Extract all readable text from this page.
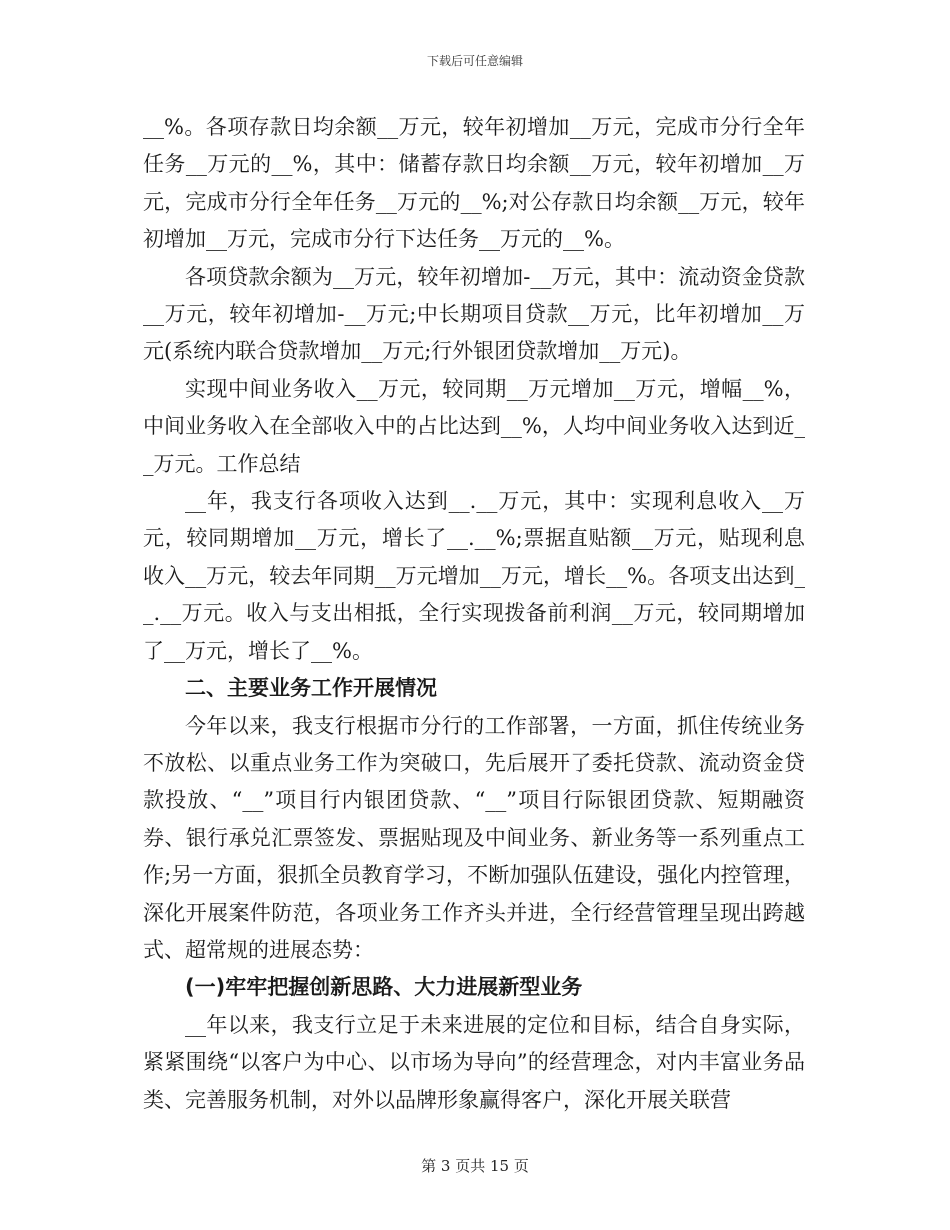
下载后可任意编辑

__%。各项存款日均余额__万元，较年初增加__万元，完成市分行全年任务__万元的__%，其中：储蓄存款日均余额__万元，较年初增加__万元，完成市分行全年任务__万元的__%;对公存款日均余额__万元，较年初增加__万元，完成市分行下达任务__万元的__%。

各项贷款余额为__万元，较年初增加-__万元，其中：流动资金贷款__万元，较年初增加-__万元;中长期项目贷款__万元，比年初增加__万元(系统内联合贷款增加__万元;行外银团贷款增加__万元)。

实现中间业务收入__万元，较同期__万元增加__万元，增幅__%，中间业务收入在全部收入中的占比达到__%，人均中间业务收入达到近__万元。工作总结

__年，我支行各项收入达到__.__万元，其中：实现利息收入__万元，较同期增加__万元，增长了__.__%;票据直贴额__万元，贴现利息收入__万元，较去年同期__万元增加__万元，增长__%。各项支出达到__.__万元。收入与支出相抵，全行实现拨备前利润__万元，较同期增加了__万元，增长了__%。

二、主要业务工作开展情况

今年以来，我支行根据市分行的工作部署，一方面，抓住传统业务不放松、以重点业务工作为突破口，先后展开了委托贷款、流动资金贷款投放、“__”项目行内银团贷款、“__”项目行际银团贷款、短期融资券、银行承兑汇票签发、票据贴现及中间业务、新业务等一系列重点工作;另一方面，狠抓全员教育学习，不断加强队伍建设，强化内控管理，深化开展案件防范，各项业务工作齐头并进，全行经营管理呈现出跨越式、超常规的进展态势：

(一)牢牢把握创新思路、大力进展新型业务

__年以来，我支行立足于未来进展的定位和目标，结合自身实际，紧紧围绕“以客户为中心、以市场为导向”的经营理念，对内丰富业务品类、完善服务机制，对外以品牌形象赢得客户，深化开展关联营

第 3 页共 15 页
